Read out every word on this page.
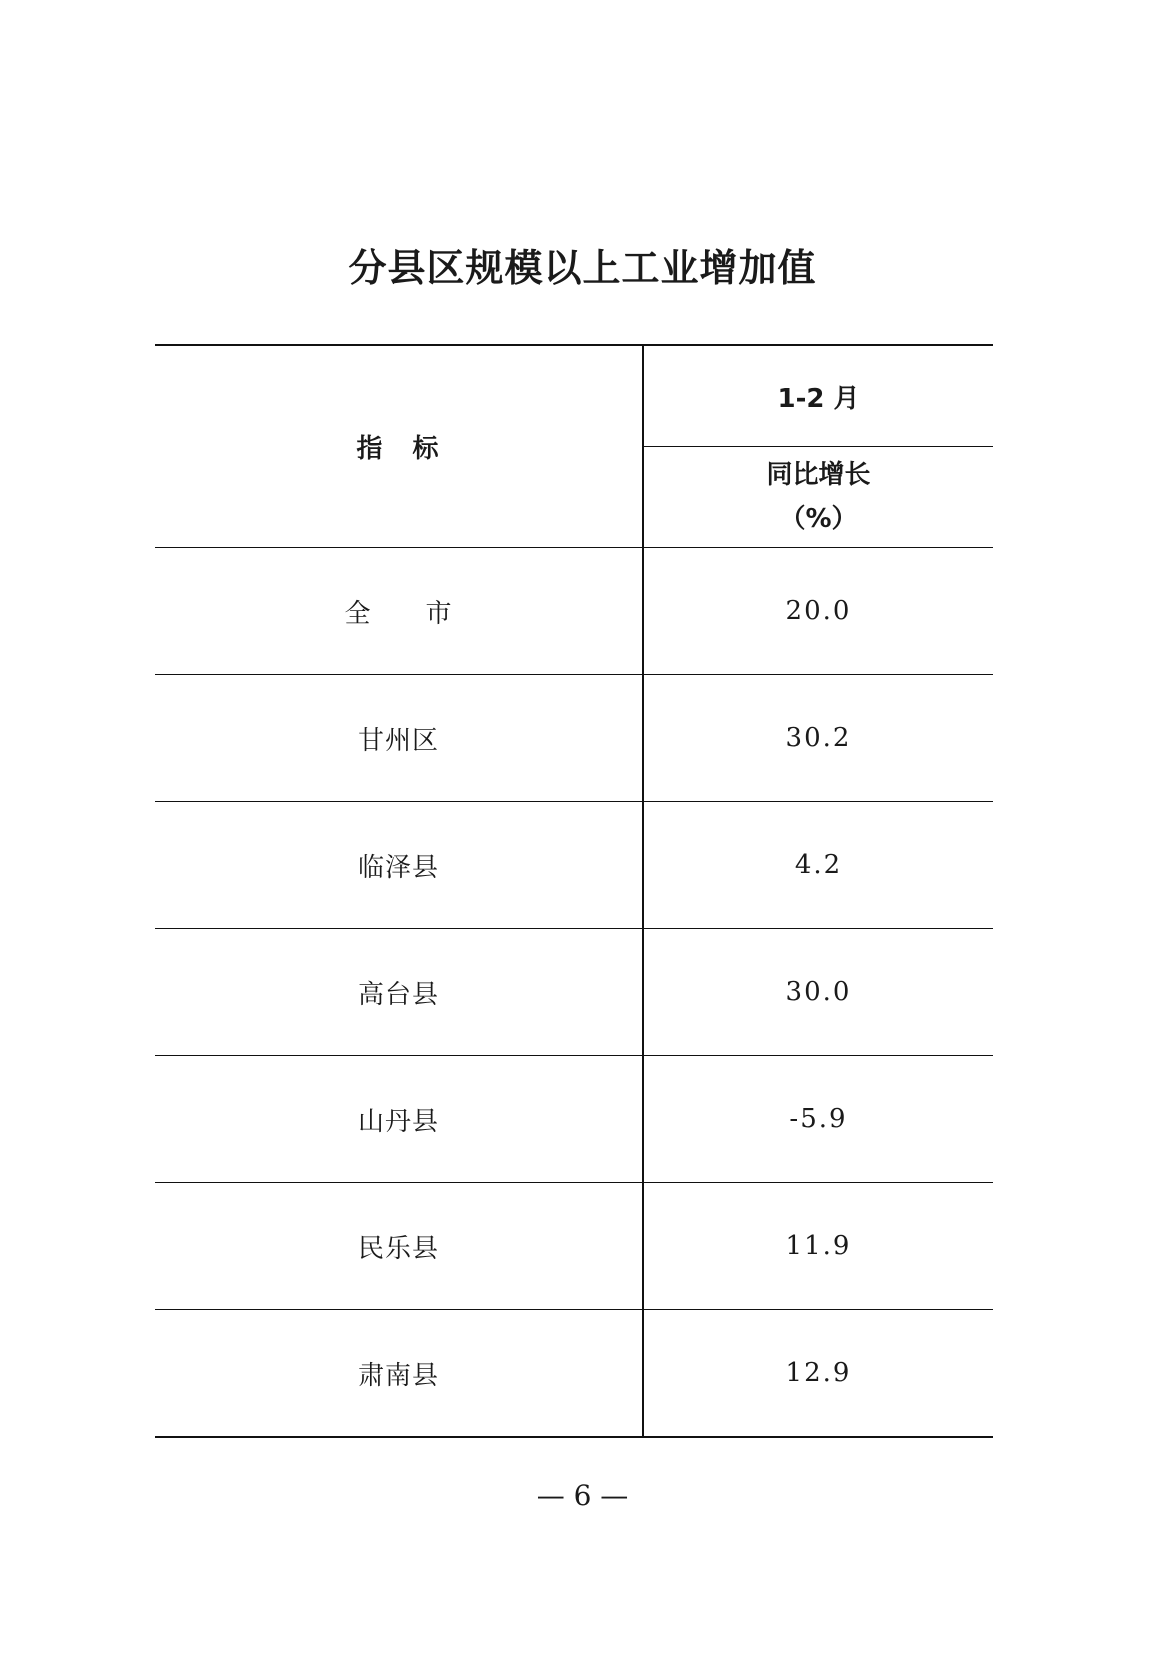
分县区规模以上工业增加值
指　标	1-2 月

	同比增长
（%）

全　　市	20.0
甘州区	30.2
临泽县	4.2
高台县	30.0
山丹县	-5.9
民乐县	11.9
肃南县	12.9
— 6 —
